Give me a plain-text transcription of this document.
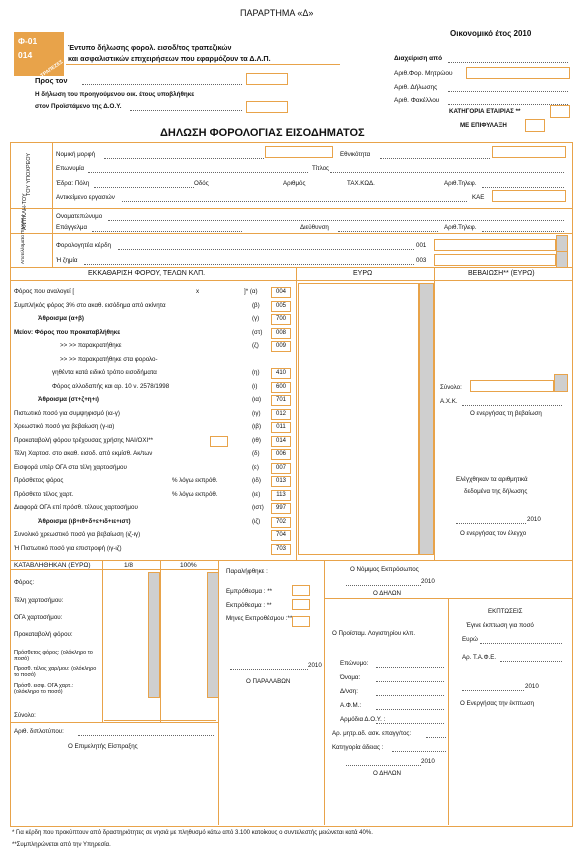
ΠΑΡΑΡΤΗΜΑ «Δ»
Οικονομικό έτος 2010
Φ-01
014
ΤΡΑΠΕΖΕΣ
Έντυπο δήλωσης φορολ. εισοδ/τος τραπεζικών
και ασφαλιστικών επιχειρήσεων που εφαρμόζουν τα Δ.Λ.Π.
Προς τον
Η δήλωση του προηγούμενου οικ. έτους υποβλήθηκε
στον Προϊστάμενο της Δ.Ο.Υ.
Διαχείριση από
Αριθ.Φορ. Μητρώου
Αριθ. Δήλωσης
Αριθ. Φακέλλου
ΚΑΤΗΓΟΡΙΑ ΕΤΑΙΡΙΑΣ **
ΜΕ ΕΠΙΦΥΛΑΞΗ
ΔΗΛΩΣΗ ΦΟΡΟΛΟΓΙΑΣ ΕΙΣΟΔΗΜΑΤΟΣ
ΤΟΥ ΥΠΟΧΡΕΟΥ	Νομική μορφή	Εθνικότητα
Επωνυμία	Τίτλος
Έδρα: Πόλη	Οδός	Αριθμός	ΤΑΧ.ΚΩΔ.	Αριθ.Τηλεφ.
Αντικείμενο εργασιών	ΚΑΕ
ΑΝΤΙΚΛΗ-ΤΟΥ	Ονοματεπώνυμο
Επάγγελμα	Διεύθυνση	Αριθ.Τηλεφ.
Αποτελέσματα ΠΙΝΑΚΑ Ι	Φορολογητέα κέρδη	001
Ή ζημία	003
ΕΚΚΑΘΑΡΙΣΗ ΦΟΡΟΥ, ΤΕΛΩΝ ΚΛΠ.	ΕΥΡΩ	ΒΕΒΑΙΩΣΗ** (ΕΥΡΩ)
Φόρος που αναλογεί [	x	]* (α)	004
Συμπλήκός φόρος 3% στο ακαθ. εισόδημα από ακίνητα	(β)	005
Άθροισμα (α+β)	(γ)	700
Μείον: Φόρος που προκαταβλήθηκε	(στ)	008
>> >> παρακρατήθηκε	(ζ)	009
>> >> παρακρατήθηκε στα φορολο-
γηθέντα κατά ειδικό τρόπο εισοδήματα	(η)	410
Φόρος αλλοδαπής και αρ. 10 ν. 2578/1998	(ι)	600
Άθροισμα (στ+ζ+η+ι)	(ια)	701
Πιστωτικό ποσό για συμψηφισμό (ια-γ)	(ιγ)	012
Χρεωστικό ποσό για βεβαίωση (γ-ια)	(ιβ)	011
Προκαταβολή φόρου τρέχουσας χρήσης ΝΑΙ/ΟΧΙ**	(ιθ)	014
Τέλη Χαρτοσ. στο ακαθ. εισοδ. από εκμίσθ. Ακ/των	(δ)	006
Εισφορά υπέρ ΟΓΑ στα τέλη χαρτοσήμου	(ε)	007
Πρόσθετος φόρος	% λόγω εκπρόθ.	(ιδ)	013
Πρόσθετο τέλος χαρτ.	% λόγω εκπρόθ.	(ιε)	113
Διαφορά ΟΓΑ επί πρόσθ. τέλους χαρτοσήμου	(ιστ)	997
Άθροισμα (ιβ+ιθ+δ+ε+ιδ+ιε+ιστ)	(ιζ)	702
Συνολικό χρεωστικό ποσό για βεβαίωση (ιζ-ιγ)	704
Ή Πιστωτικό ποσό για επιστροφή (ιγ-ιζ)	703
Σύνολο:
Α.Χ.Κ.
Ο ενεργήσας τη βεβαίωση
Ελέγχθηκαν τα αριθμητικά
δεδομένα της δήλωσης
2010
Ο ενεργήσας τον έλεγχο
ΚΑΤΑΒΛΗΘΗΚΑΝ (ΕΥΡΩ)	1/8	100%
Φόρος:
Τέλη χαρτοσήμου:
ΟΓΑ χαρτοσήμου:
Προκαταβολή φόρου:
Πρόσθετος φόρος: (ολόκληρο το ποσό)
Προσθ. τέλος χαρ/μου: (ολόκληρο το ποσό)
Πρόσθ. εισφ. ΟΓΑ χαρτ.: (ολόκληρο το ποσό)
Σύνολο:
Αριθ. διπλοτύπου:
Ο Επιμελητής Είσπραξης
Παραλήφθηκε :
Εμπρόθεσμα : **
Εκπρόθεσμα : **
Μηνες Εκπροθέσμου :**
2010
Ο ΠΑΡΑΛΑΒΩΝ
Ο Νόμιμος Εκπρόσωπος
2010
Ο ΔΗΛΩΝ
Ο Προϊσταμ. Λογιστηρίου κλπ.
Επώνυμο:
Όνομα:
Δ/νση:
Α.Φ.Μ.:
Αρμόδια Δ.Ο.Υ. :
Αρ. μητρ.αδ. ασκ. επαγγ/τος:
Κατηγορία άδειας :
2010
Ο ΔΗΛΩΝ
ΕΚΠΤΩΣΕΙΣ
Έγινε έκπτωση για ποσό
Ευρώ
Αρ. Τ.Α.Φ.Ε.
2010
Ο Ενεργήσας την έκπτωση
* Για κέρδη που προκύπτουν από δραστηριότητες σε νησιά με πληθυσμό κάτω από 3.100 κατοίκους ο συντελεστής μειώνεται κατά 40%.
**Συμπληρώνεται από την Υπηρεσία.
